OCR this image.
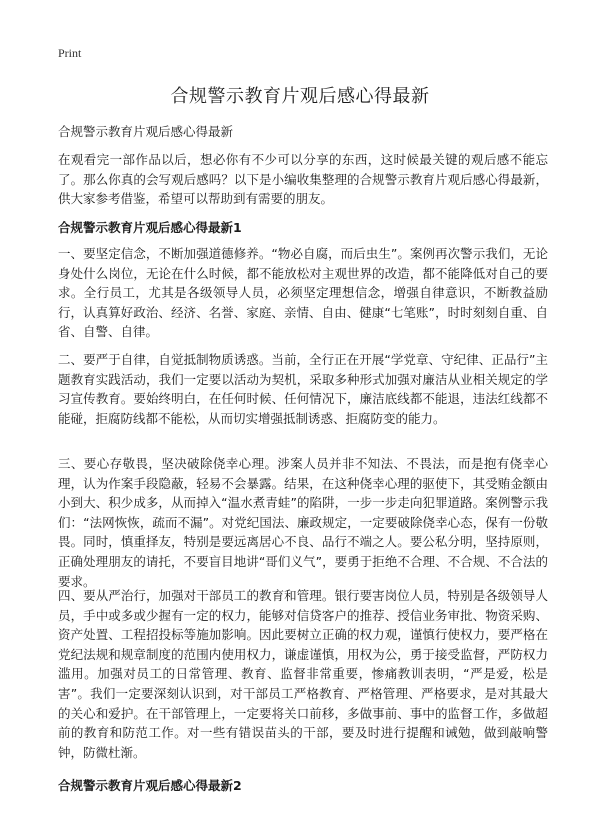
Print
合规警示教育片观后感心得最新

合规警示教育片观后感心得最新

在观看完一部作品以后，想必你有不少可以分享的东西，这时候最关键的观后感不能忘了。那么你真的会写观后感吗？以下是小编收集整理的合规警示教育片观后感心得最新，供大家参考借鉴，希望可以帮助到有需要的朋友。

合规警示教育片观后感心得最新1

一、要坚定信念，不断加强道德修养。“物必自腐，而后虫生”。案例再次警示我们，无论身处什么岗位，无论在什么时候，都不能放松对主观世界的改造，都不能降低对自己的要求。全行员工，尤其是各级领导人员，必须坚定理想信念，增强自律意识，不断教益励行，认真算好政治、经济、名誉、家庭、亲情、自由、健康“七笔账”，时时刻刻自重、自省、自警、自律。

二、要严于自律，自觉抵制物质诱惑。当前，全行正在开展“学党章、守纪律、正品行”主题教育实践活动，我们一定要以活动为契机，采取多种形式加强对廉洁从业相关规定的学习宣传教育。要始终明白，在任何时候、任何情况下，廉洁底线都不能退，违法红线都不能碰，拒腐防线都不能松，从而切实增强抵制诱惑、拒腐防变的能力。

三、要心存敬畏，坚决破除侥幸心理。涉案人员并非不知法、不畏法，而是抱有侥幸心理，认为作案手段隐蔽，轻易不会暴露。结果，在这种侥幸心理的驱使下，其受贿金额由小到大、积少成多，从而掉入“温水煮青蛙”的陷阱，一步一步走向犯罪道路。案例警示我们：“法网恢恢，疏而不漏”。对党纪国法、廉政规定，一定要破除侥幸心态，保有一份敬畏。同时，慎重择友，特别是要远离居心不良、品行不端之人。要公私分明，坚持原则，正确处理朋友的请托，不要盲目地讲“哥们义气”，要勇于拒绝不合理、不合规、不合法的要求。

四、要从严治行，加强对干部员工的教育和管理。银行要害岗位人员，特别是各级领导人员，手中或多或少握有一定的权力，能够对信贷客户的推荐、授信业务审批、物资采购、资产处置、工程招投标等施加影响。因此要树立正确的权力观，谨慎行使权力，要严格在党纪法规和规章制度的范围内使用权力，谦虚谨慎，用权为公，勇于接受监督，严防权力滥用。加强对员工的日常管理、教育、监督非常重要，惨痛教训表明，“严是爱，松是害”。我们一定要深刻认识到，对干部员工严格教育、严格管理、严格要求，是对其最大的关心和爱护。在干部管理上，一定要将关口前移，多做事前、事中的监督工作，多做超前的教育和防范工作。对一些有错误苗头的干部，要及时进行提醒和诫勉，做到敲响警钟，防微杜渐。

合规警示教育片观后感心得最新2
